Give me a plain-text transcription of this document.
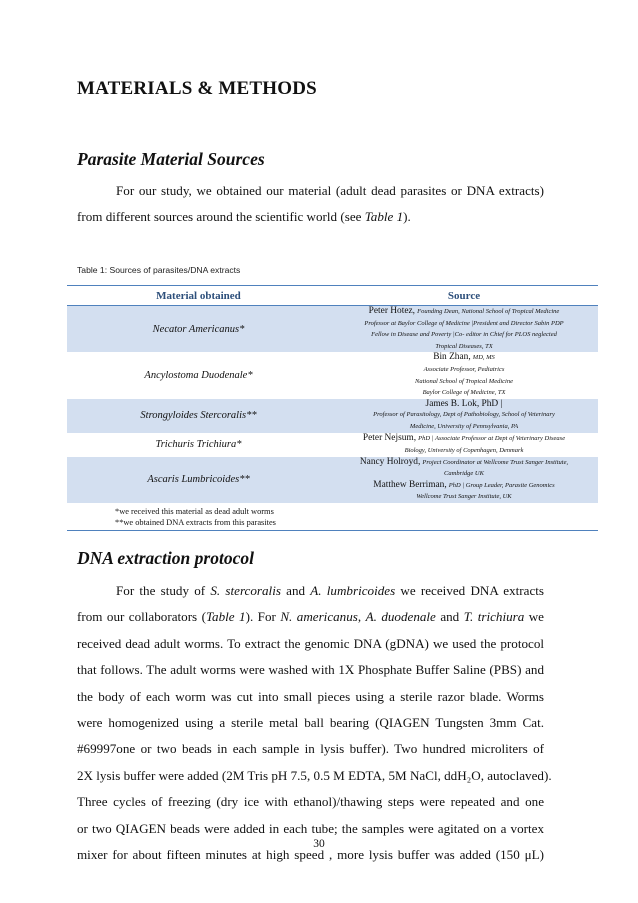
MATERIALS & METHODS
Parasite Material Sources
For our study, we obtained our material (adult dead parasites or DNA extracts)
from different sources around the scientific world (see Table 1).

Table 1: Sources of parasites/DNA extracts

Material obtained	Source
Necator Americanus*	Peter Hotez, Founding Dean, National School of Tropical Medicine
Professor at Baylor College of Medicine |President and Director Sabin PDP
Fellow in Disease and Poverty |Co- editor in Chief for PLOS neglected
Tropical Diseases, TX

Ancylostoma Duodenale*	Bin Zhan, MD, MS
Associate Professor, Pediatrics
National School of Tropical Medicine
Baylor College of Medicine, TX

Strongyloides Stercoralis**	James B. Lok, PhD |
Professor of Parasitology, Dept of Pathobiology, School of Veterinary
Medicine, University of Pennsylvania, PA

Trichuris Trichiura*	Peter Nejsum, PhD | Associate Professor at Dept of Veterinary Disease
Biology, University of Copenhagen, Denmark

Ascaris Lumbricoides**	Nancy Holroyd, Project Coordinator at Wellcome Trust Sanger Institute,
Cambridge UK
Matthew Berriman, PhD | Group Leader, Parasite Genomics
Wellcome Trust Sanger Institute, UK

*we received this material as dead adult worms
**we obtained DNA extracts from this parasites	

DNA extraction protocol
For the study of S. stercoralis and A. lumbricoides we received DNA extracts
from our collaborators (Table 1). For N. americanus, A. duodenale and T. trichiura we
received dead adult worms. To extract the genomic DNA (gDNA) we used the protocol
that follows. The adult worms were washed with 1X Phosphate Buffer Saline (PBS) and
the body of each worm was cut into small pieces using a sterile razor blade. Worms
were homogenized using a sterile metal ball bearing (QIAGEN Tungsten 3mm Cat.
#69997one or two beads in each sample in lysis buffer). Two hundred microliters of
2X lysis buffer were added (2M Tris pH 7.5, 0.5 M EDTA, 5M NaCl, ddH₂O, autoclaved).
Three cycles of freezing (dry ice with ethanol)/thawing steps were repeated and one
or two QIAGEN beads were added in each tube; the samples were agitated on a vortex
mixer for about fifteen minutes at high speed , more lysis buffer was added (150 μL)
30
